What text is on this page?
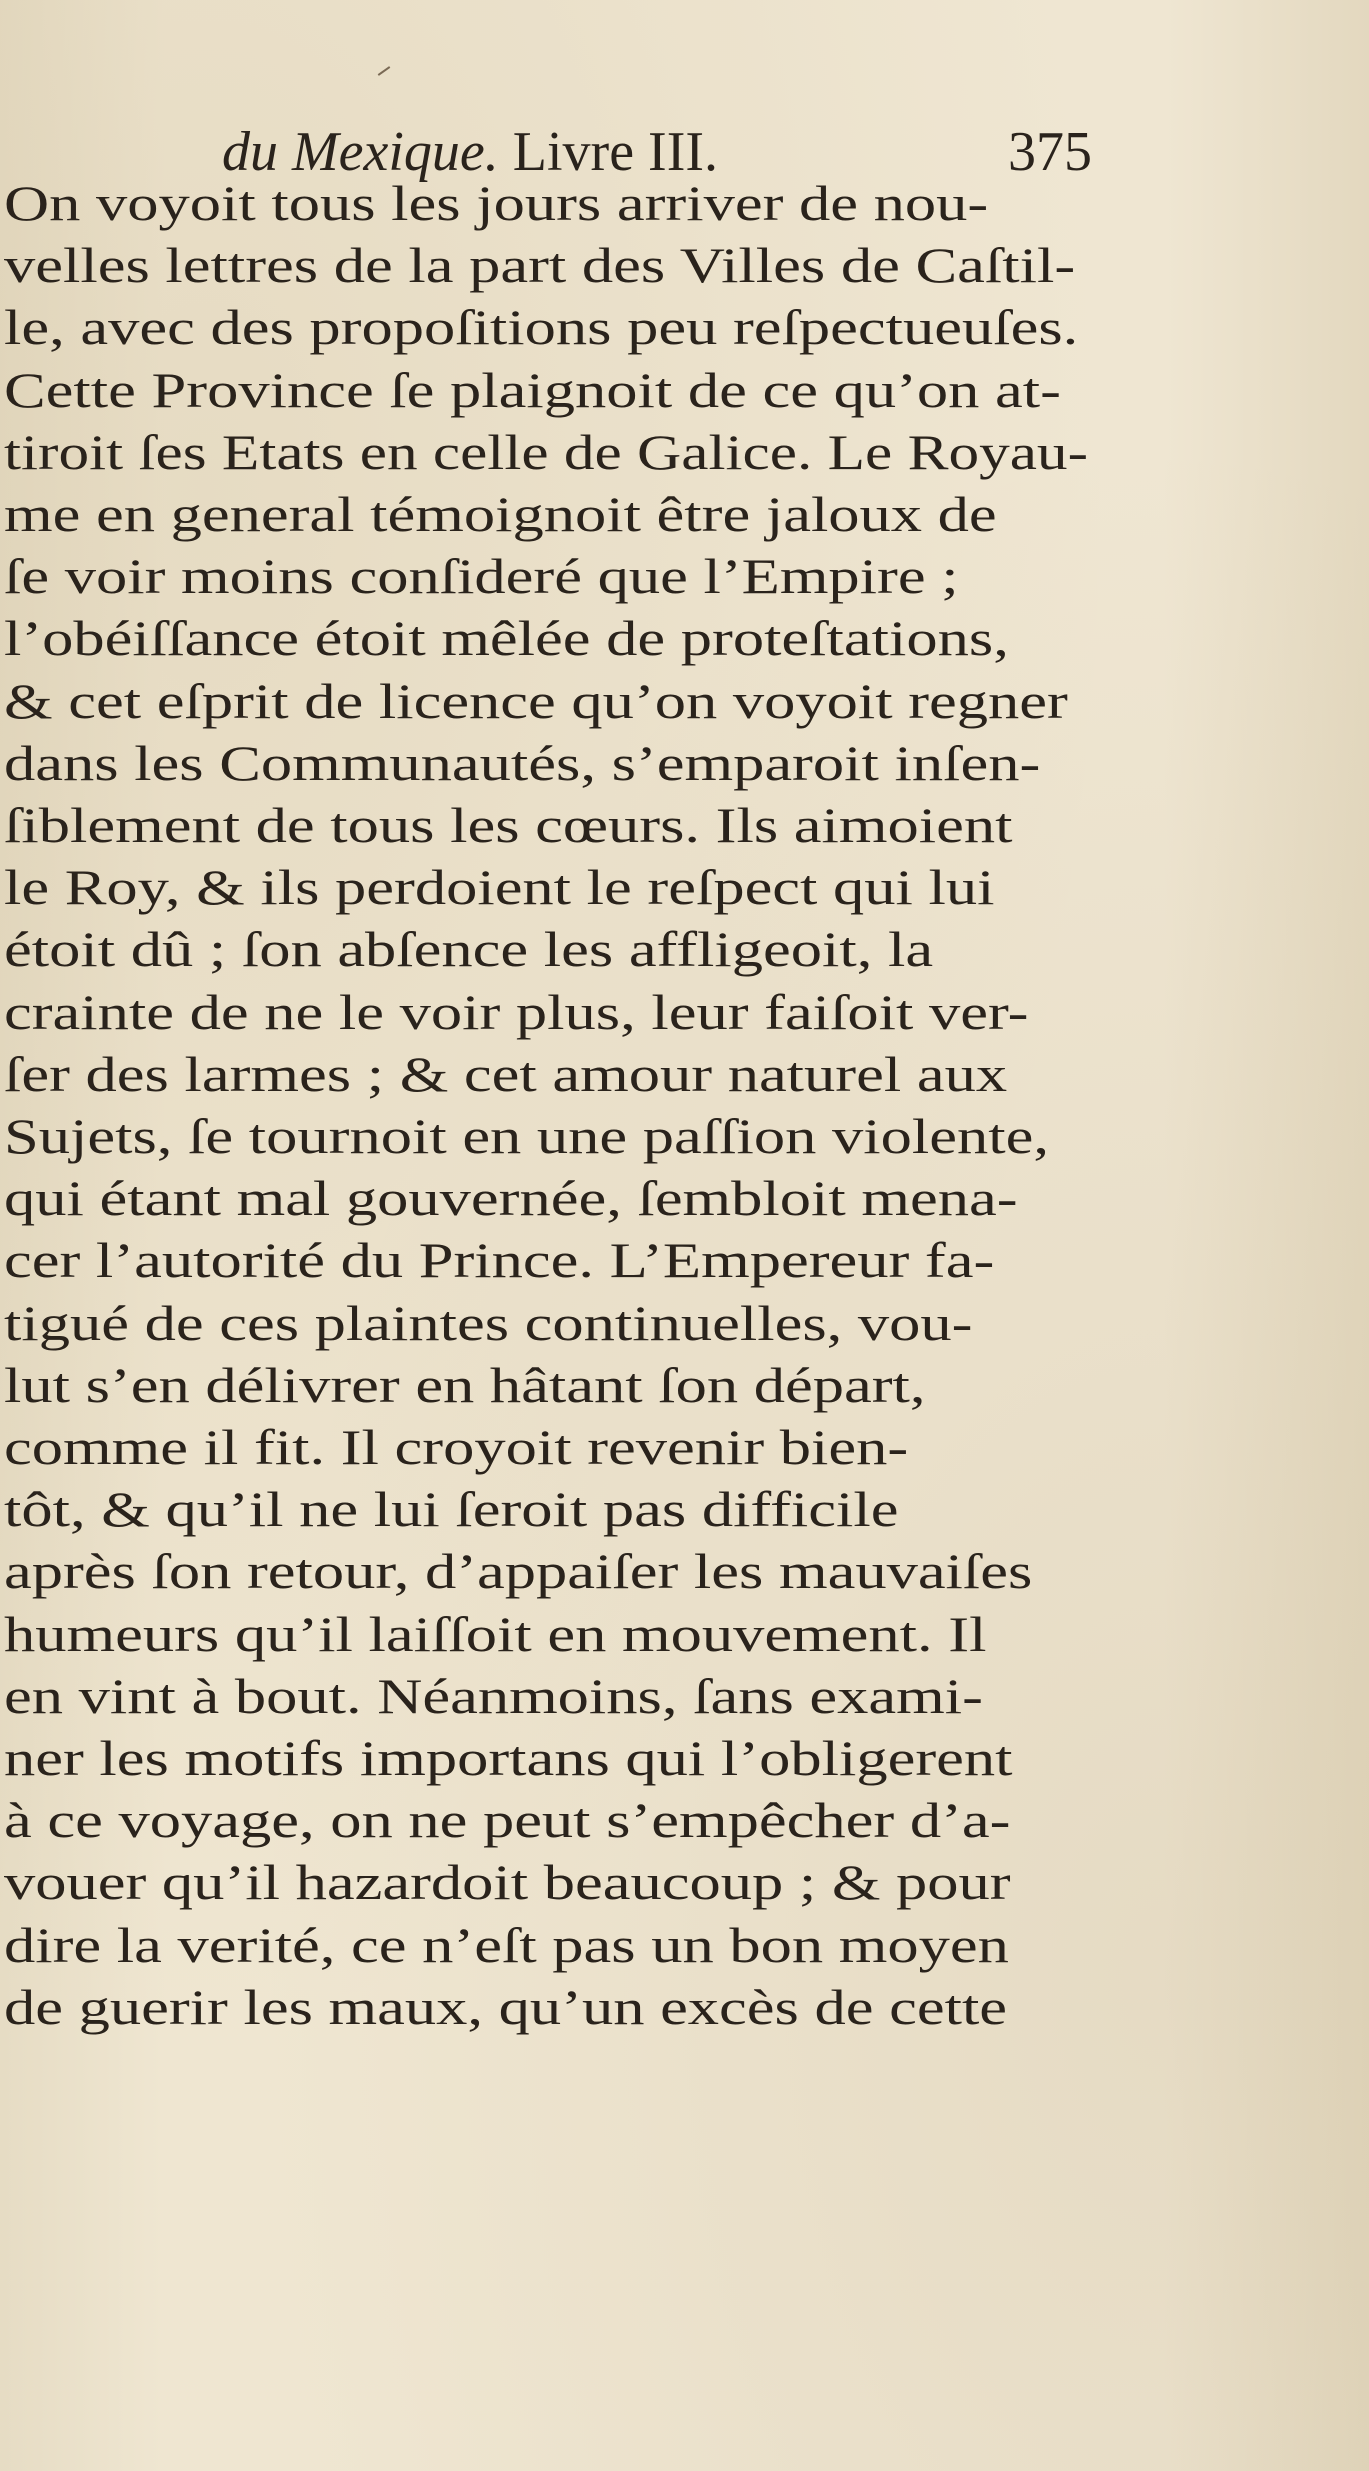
du Mexique. Livre III.	375
On voyoit tous les jours arriver de nou-
velles lettres de la part des Villes de Caſtil-
le, avec des propoſitions peu reſpectueuſes.
Cette Province ſe plaignoit de ce qu’on at-
tiroit ſes Etats en celle de Galice. Le Royau-
me en general témoignoit être jaloux de
ſe voir moins conſideré que l’Empire ;
l’obéiſſance étoit mêlée de proteſtations,
& cet eſprit de licence qu’on voyoit regner
dans les Communautés, s’emparoit inſen-
ſiblement de tous les cœurs. Ils aimoient
le Roy, & ils perdoient le reſpect qui lui
étoit dû ; ſon abſence les affligeoit, la
crainte de ne le voir plus, leur faiſoit ver-
ſer des larmes ; & cet amour naturel aux
Sujets, ſe tournoit en une paſſion violente,
qui étant mal gouvernée, ſembloit mena-
cer l’autorité du Prince. L’Empereur fa-
tigué de ces plaintes continuelles, vou-
lut s’en délivrer en hâtant ſon départ,
comme il fit. Il croyoit revenir bien-
tôt, & qu’il ne lui ſeroit pas difficile
après ſon retour, d’appaiſer les mauvaiſes
humeurs qu’il laiſſoit en mouvement. Il
en vint à bout. Néanmoins, ſans exami-
ner les motifs importans qui l’obligerent
à ce voyage, on ne peut s’empêcher d’a-
vouer qu’il hazardoit beaucoup ; & pour
dire la verité, ce n’eſt pas un bon moyen
de guerir les maux, qu’un excès de cette
